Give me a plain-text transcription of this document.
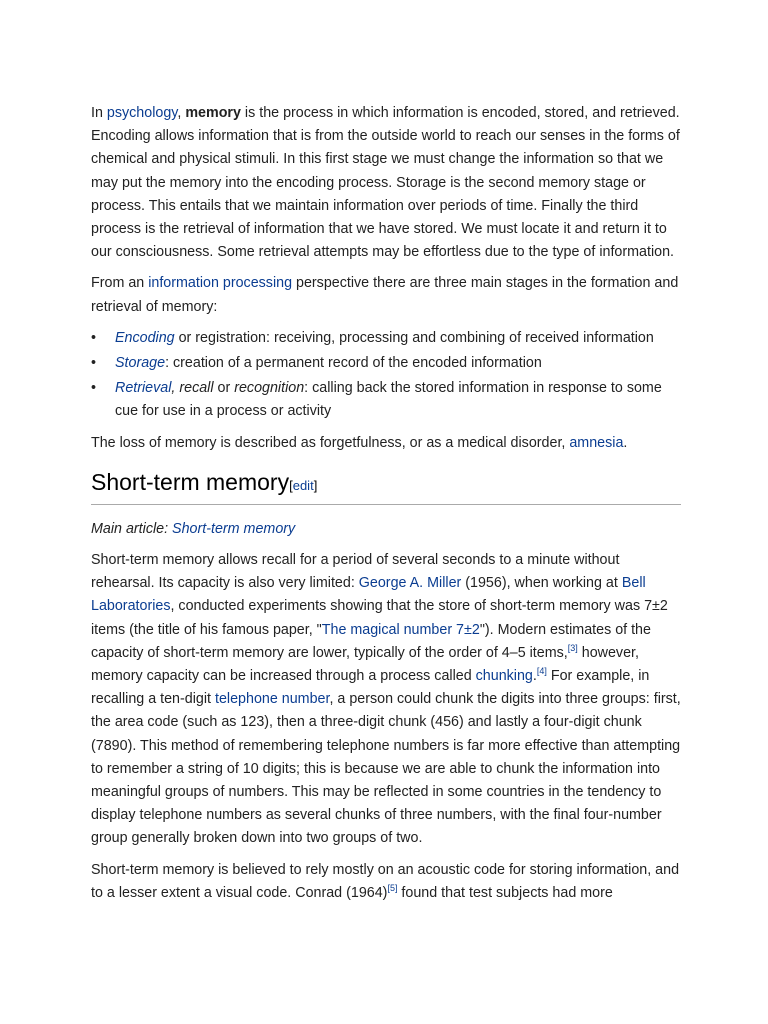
In psychology, memory is the process in which information is encoded, stored, and retrieved. Encoding allows information that is from the outside world to reach our senses in the forms of chemical and physical stimuli. In this first stage we must change the information so that we may put the memory into the encoding process. Storage is the second memory stage or process. This entails that we maintain information over periods of time. Finally the third process is the retrieval of information that we have stored. We must locate it and return it to our consciousness. Some retrieval attempts may be effortless due to the type of information.

From an information processing perspective there are three main stages in the formation and retrieval of memory:

•	Encoding or registration: receiving, processing and combining of received information
•	Storage: creation of a permanent record of the encoded information
•	Retrieval, recall or recognition: calling back the stored information in response to some cue for use in a process or activity

The loss of memory is described as forgetfulness, or as a medical disorder, amnesia.

Short-term memory[edit]

Main article: Short-term memory

Short-term memory allows recall for a period of several seconds to a minute without rehearsal. Its capacity is also very limited: George A. Miller (1956), when working at Bell Laboratories, conducted experiments showing that the store of short-term memory was 7±2 items (the title of his famous paper, "The magical number 7±2"). Modern estimates of the capacity of short-term memory are lower, typically of the order of 4–5 items,[3] however, memory capacity can be increased through a process called chunking.[4] For example, in recalling a ten-digit telephone number, a person could chunk the digits into three groups: first, the area code (such as 123), then a three-digit chunk (456) and lastly a four-digit chunk (7890). This method of remembering telephone numbers is far more effective than attempting to remember a string of 10 digits; this is because we are able to chunk the information into meaningful groups of numbers. This may be reflected in some countries in the tendency to display telephone numbers as several chunks of three numbers, with the final four-number group generally broken down into two groups of two.

Short-term memory is believed to rely mostly on an acoustic code for storing information, and to a lesser extent a visual code. Conrad (1964)[5] found that test subjects had more
